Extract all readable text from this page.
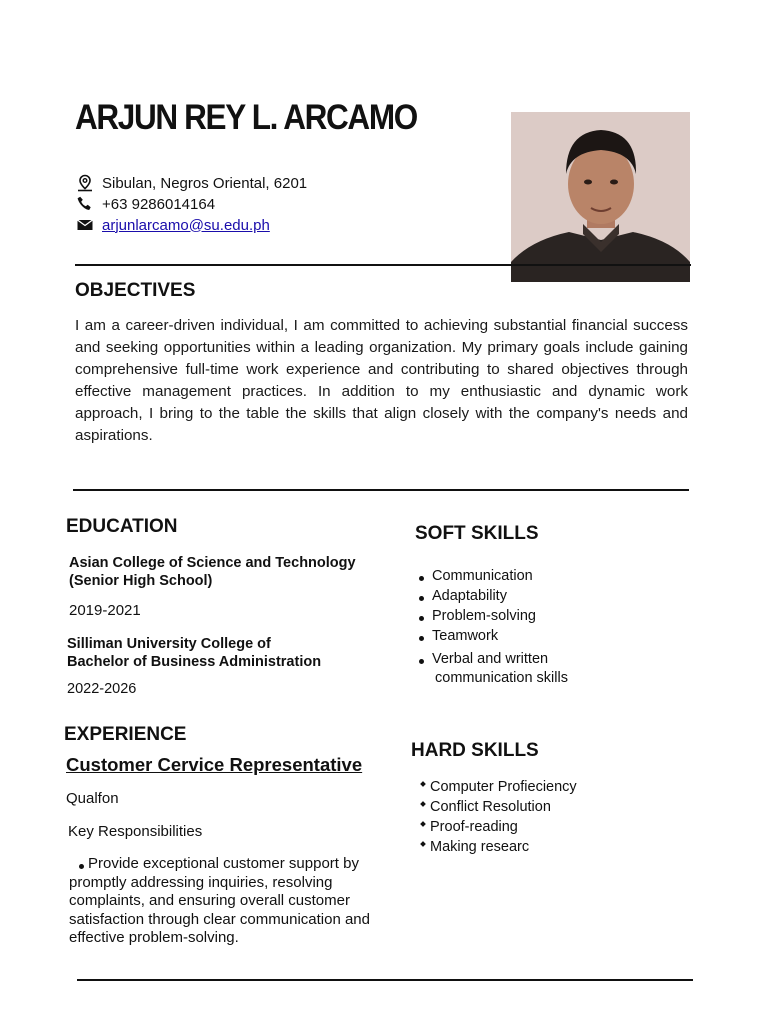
ARJUN REY L. ARCAMO
Sibulan, Negros Oriental, 6201
+63 9286014164
arjunlarcamo@su.edu.ph
OBJECTIVES
I am a career-driven individual, I am committed to achieving substantial financial success and seeking opportunities within a leading organization. My primary goals include gaining comprehensive full-time work experience and contributing to shared objectives through effective management practices. In addition to my enthusiastic and dynamic work approach, I bring to the table the skills that align closely with the company's needs and aspirations.
EDUCATION
Asian College of Science and Technology
(Senior High School)
2019-2021
Silliman University College of
Bachelor of Business Administration
2022-2026
SOFT SKILLS
Communication
Adaptability
Problem-solving
Teamwork
Verbal and written
communication skills
EXPERIENCE
Customer Cervice Representative
Qualfon
Key Responsibilities
Provide exceptional customer support by promptly addressing inquiries, resolving complaints, and ensuring overall customer satisfaction through clear communication and effective problem-solving.
HARD SKILLS
Computer Profieciency
Conflict Resolution
Proof-reading
Making researc
